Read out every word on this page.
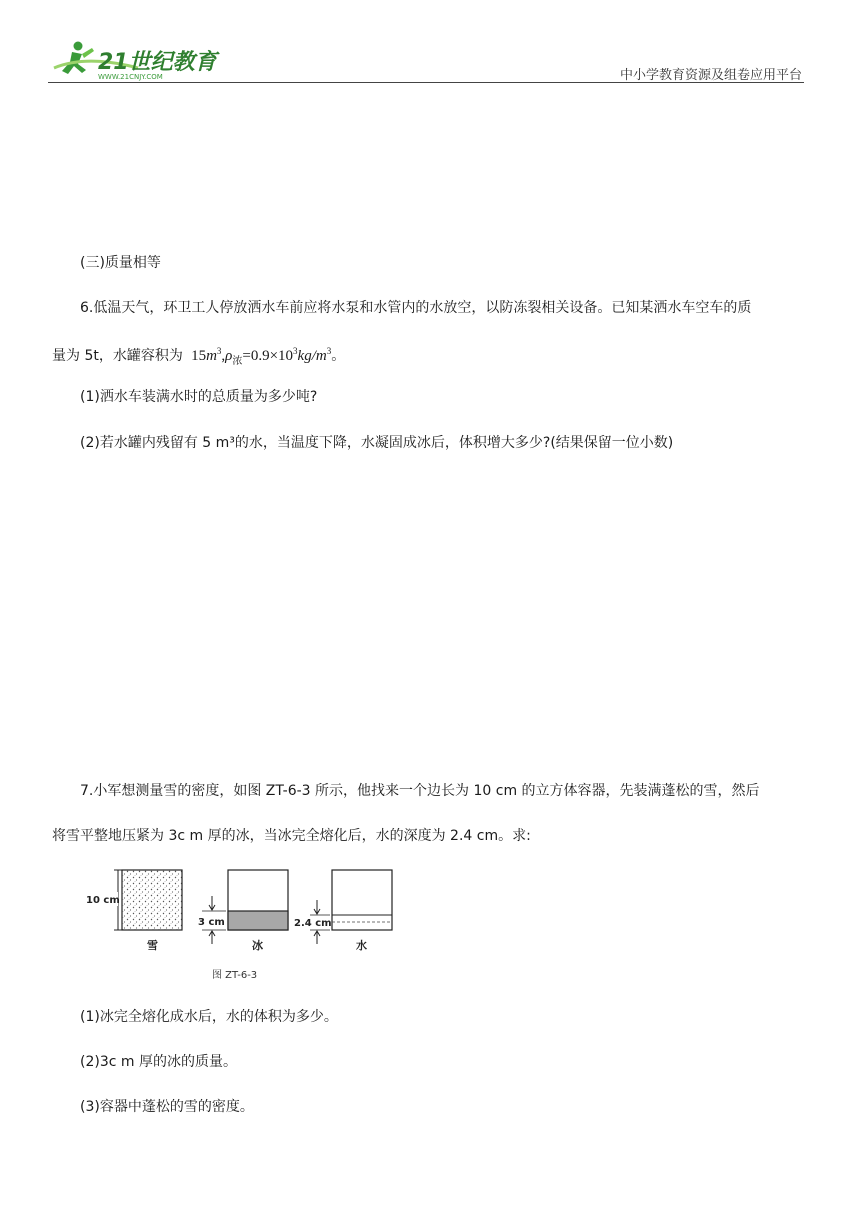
21世纪教育
WWW.21CNJY.COM	中小学教育资源及组卷应用平台
(三)质量相等
6.低温天气，环卫工人停放洒水车前应将水泵和水管内的水放空，以防冻裂相关设备。已知某洒水车空车的质
量为 5t，水罐容积为 $15m^3,\rho_浓=0.9\times 10^3kg/m^3$。
(1)洒水车装满水时的总质量为多少吨?
(2)若水罐内残留有 5 m³的水，当温度下降，水凝固成冰后，体积增大多少?(结果保留一位小数)
7.小军想测量雪的密度，如图 ZT-6-3 所示，他找来一个边长为 10 cm 的立方体容器，先装满蓬松的雪，然后
将雪平整地压紧为 3c m 厚的冰，当冰完全熔化后，水的深度为 2.4 cm。求:
10 cm
雪
3 cm
冰
2.4 cm
水
图 ZT-6-3
(1)冰完全熔化成水后，水的体积为多少。
(2)3c m 厚的冰的质量。
(3)容器中蓬松的雪的密度。
